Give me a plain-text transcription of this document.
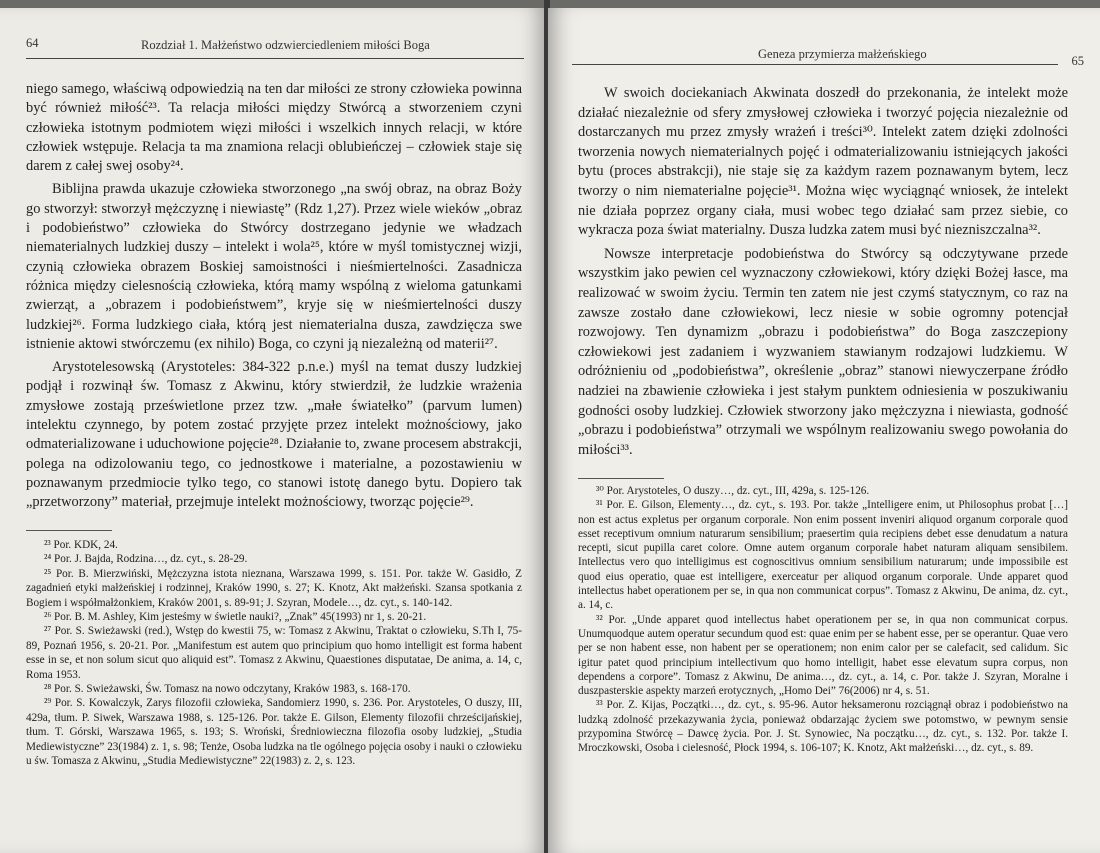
64	Rozdział 1. Małżeństwo odzwierciedleniem miłości Boga

niego samego, właściwą odpowiedzią na ten dar miłości ze strony człowieka powinna być również miłość²³. Ta relacja miłości między Stwórcą a stworzeniem czyni człowieka istotnym podmiotem więzi miłości i wszelkich innych relacji, w które człowiek wstępuje. Relacja ta ma znamiona relacji oblubieńczej – człowiek staje się darem z całej swej osoby²⁴.

Biblijna prawda ukazuje człowieka stworzonego „na swój obraz, na obraz Boży go stworzył: stworzył mężczyznę i niewiastę” (Rdz 1,27). Przez wiele wieków „obraz i podobieństwo” człowieka do Stwórcy dostrzegano jedynie we władzach niematerialnych ludzkiej duszy – intelekt i wola²⁵, które w myśl tomistycznej wizji, czynią człowieka obrazem Boskiej samoistności i nieśmiertelności. Zasadnicza różnica między cielesnością człowieka, którą mamy wspólną z wieloma gatunkami zwierząt, a „obrazem i podobieństwem”, kryje się w nieśmiertelności duszy ludzkiej²⁶. Forma ludzkiego ciała, którą jest niematerialna dusza, zawdzięcza swe istnienie aktowi stwórczemu (ex nihilo) Boga, co czyni ją niezależną od materii²⁷.

Arystotelesowską (Arystoteles: 384-322 p.n.e.) myśl na temat duszy ludzkiej podjął i rozwinął św. Tomasz z Akwinu, który stwierdził, że ludzkie wrażenia zmysłowe zostają prześwietlone przez tzw. „małe światełko” (parvum lumen) intelektu czynnego, by potem zostać przyjęte przez intelekt możnościowy, jako odmaterializowane i uduchowione pojęcie²⁸. Działanie to, zwane procesem abstrakcji, polega na odizolowaniu tego, co jednostkowe i materialne, a pozostawieniu w poznawanym przedmiocie tylko tego, co stanowi istotę danego bytu. Dopiero tak „przetworzony” materiał, przejmuje intelekt możnościowy, tworząc pojęcie²⁹.

²³ Por. KDK, 24.

²⁴ Por. J. Bajda, Rodzina…, dz. cyt., s. 28-29.

²⁵ Por. B. Mierzwiński, Mężczyzna istota nieznana, Warszawa 1999, s. 151. Por. także W. Gasidło, Z zagadnień etyki małżeńskiej i rodzinnej, Kraków 1990, s. 27; K. Knotz, Akt małżeński. Szansa spotkania z Bogiem i współmałżonkiem, Kraków 2001, s. 89-91; J. Szyran, Modele…, dz. cyt., s. 140-142.

²⁶ Por. B. M. Ashley, Kim jesteśmy w świetle nauki?, „Znak” 45(1993) nr 1, s. 20-21.

²⁷ Por. S. Swieżawski (red.), Wstęp do kwestii 75, w: Tomasz z Akwinu, Traktat o człowieku, S.Th I, 75-89, Poznań 1956, s. 20-21. Por. „Manifestum est autem quo principium quo homo intelligit est forma habent esse in se, et non solum sicut quo aliquid est”. Tomasz z Akwinu, Quaestiones disputatae, De anima, a. 14, c, Roma 1953.

²⁸ Por. S. Swieżawski, Św. Tomasz na nowo odczytany, Kraków 1983, s. 168-170.

²⁹ Por. S. Kowalczyk, Zarys filozofii człowieka, Sandomierz 1990, s. 236. Por. Arystoteles, O duszy, III, 429a, tłum. P. Siwek, Warszawa 1988, s. 125-126. Por. także E. Gilson, Elementy filozofii chrześcijańskiej, tłum. T. Górski, Warszawa 1965, s. 193; S. Wroński, Średniowieczna filozofia osoby ludzkiej, „Studia Mediewistyczne” 23(1984) z. 1, s. 98; Tenże, Osoba ludzka na tle ogólnego pojęcia osoby i nauki o człowieku u św. Tomasza z Akwinu, „Studia Mediewistyczne” 22(1983) z. 2, s. 123.

Geneza przymierza małżeńskiego	65

W swoich dociekaniach Akwinata doszedł do przekonania, że intelekt może działać niezależnie od sfery zmysłowej człowieka i tworzyć pojęcia niezależnie od dostarczanych mu przez zmysły wrażeń i treści³⁰. Intelekt zatem dzięki zdolności tworzenia nowych niematerialnych pojęć i odmaterializowaniu istniejących jakości bytu (proces abstrakcji), nie staje się za każdym razem poznawanym bytem, lecz tworzy o nim niematerialne pojęcie³¹. Można więc wyciągnąć wniosek, że intelekt nie działa poprzez organy ciała, musi wobec tego działać sam przez siebie, co wykracza poza świat materialny. Dusza ludzka zatem musi być niezniszczalna³².

Nowsze interpretacje podobieństwa do Stwórcy są odczytywane przede wszystkim jako pewien cel wyznaczony człowiekowi, który dzięki Bożej łasce, ma realizować w swoim życiu. Termin ten zatem nie jest czymś statycznym, co raz na zawsze zostało dane człowiekowi, lecz niesie w sobie ogromny potencjał rozwojowy. Ten dynamizm „obrazu i podobieństwa” do Boga zaszczepiony człowiekowi jest zadaniem i wyzwaniem stawianym rodzajowi ludzkiemu. W odróżnieniu od „podobieństwa”, określenie „obraz” stanowi niewyczerpane źródło nadziei na zbawienie człowieka i jest stałym punktem odniesienia w poszukiwaniu godności osoby ludzkiej. Człowiek stworzony jako mężczyzna i niewiasta, godność „obrazu i podobieństwa” otrzymali we wspólnym realizowaniu swego powołania do miłości³³.

³⁰ Por. Arystoteles, O duszy…, dz. cyt., III, 429a, s. 125-126.

³¹ Por. E. Gilson, Elementy…, dz. cyt., s. 193. Por. także „Intelligere enim, ut Philosophus probat […] non est actus expletus per organum corporale. Non enim possent inveniri aliquod organum corporale quod esset receptivum omnium naturarum sensibilium; praesertim quia recipiens debet esse denudatum a natura recepti, sicut pupilla caret colore. Omne autem organum corporale habet naturam aliquam sensibilem. Intellectus vero quo intelligimus est cognoscitivus omnium sensibilium naturarum; unde impossibile est quod eius operatio, quae est intelligere, exerceatur per aliquod organum corporale. Unde apparet quod intellectus habet operationem per se, in qua non communicat corpus”. Tomasz z Akwinu, De anima, dz. cyt., a. 14, c.

³² Por. „Unde apparet quod intellectus habet operationem per se, in qua non communicat corpus. Unumquodque autem operatur secundum quod est: quae enim per se habent esse, per se operantur. Quae vero per se non habent esse, non habent per se operationem; non enim calor per se calefacit, sed calidum. Sic igitur patet quod principium intellectivum quo homo intelligit, habet esse elevatum supra corpus, non dependens a corpore”. Tomasz z Akwinu, De anima…, dz. cyt., a. 14, c. Por. także J. Szyran, Moralne i duszpasterskie aspekty marzeń erotycznych, „Homo Dei” 76(2006) nr 4, s. 51.

³³ Por. Z. Kijas, Początki…, dz. cyt., s. 95-96. Autor heksameronu rozciągnął obraz i podobieństwo na ludzką zdolność przekazywania życia, ponieważ obdarzając życiem swe potomstwo, w pewnym sensie przypomina Stwórcę – Dawcę życia. Por. J. St. Synowiec, Na początku…, dz. cyt., s. 132. Por. także I. Mroczkowski, Osoba i cielesność, Płock 1994, s. 106-107; K. Knotz, Akt małżeński…, dz. cyt., s. 89.
